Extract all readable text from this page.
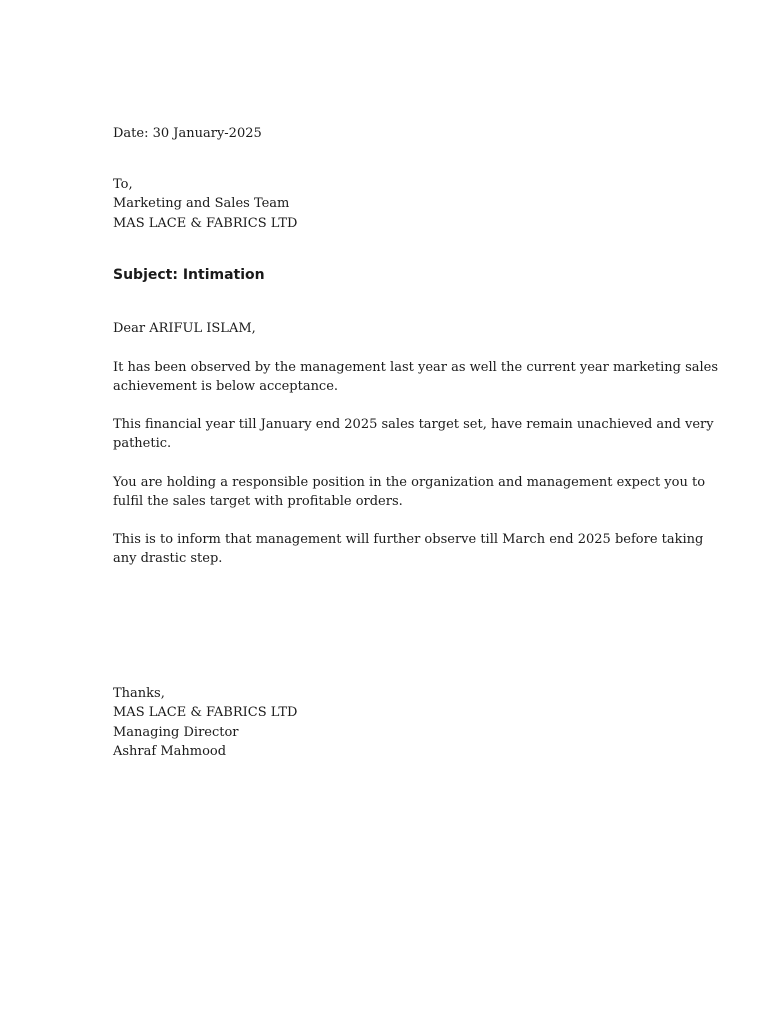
Date: 30 January-2025

To,
Marketing and Sales Team
MAS LACE & FABRICS LTD

Subject: Intimation

Dear ARIFUL ISLAM,

It has been observed by the management last year as well the current year marketing sales
achievement is below acceptance.

This financial year till January end 2025 sales target set, have remain unachieved and very
pathetic.

You are holding a responsible position in the organization and management expect you to
fulfil the sales target with profitable orders.

This is to inform that management will further observe till March end 2025 before taking
any drastic step.

Thanks,
MAS LACE & FABRICS LTD
Managing Director
Ashraf Mahmood
